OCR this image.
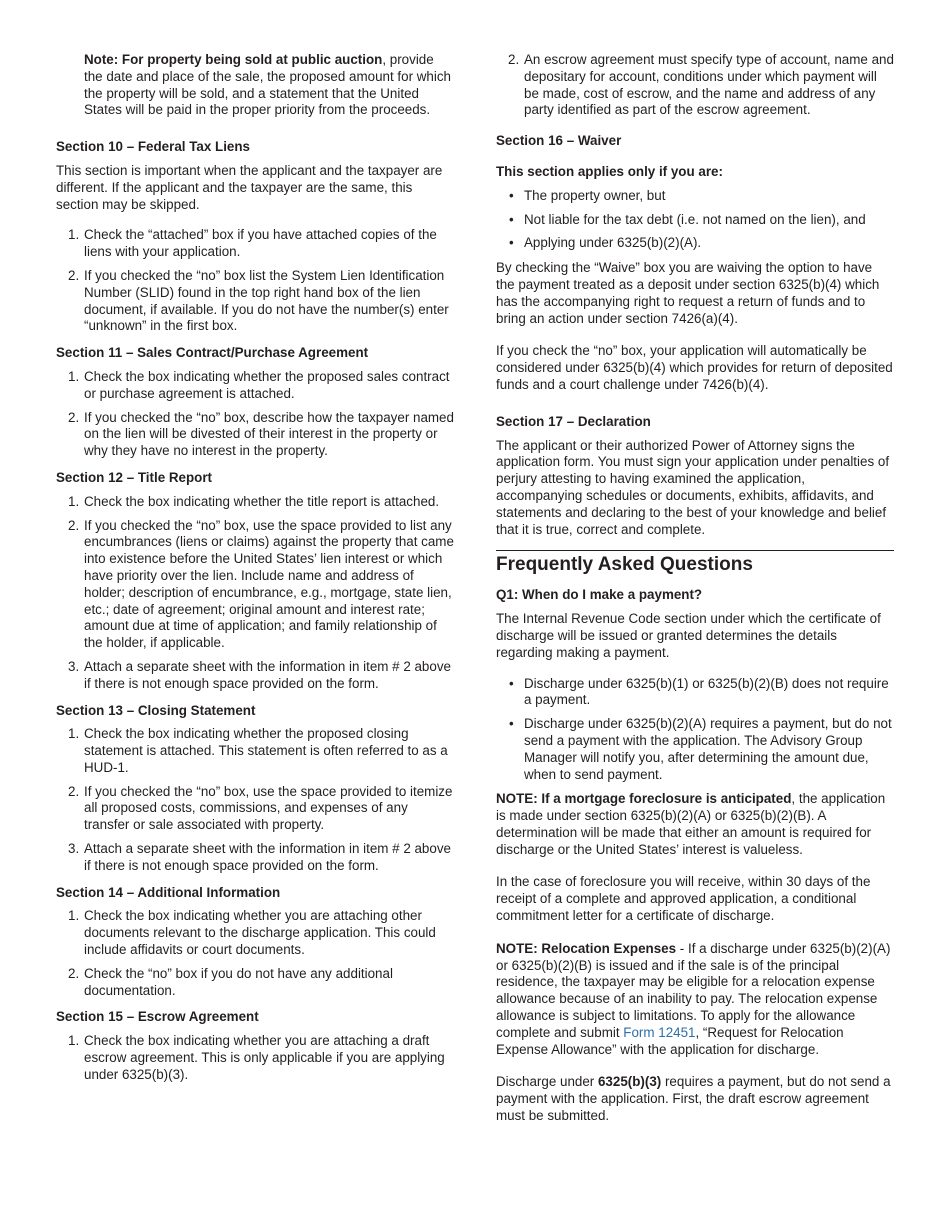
Note: For property being sold at public auction, provide the date and place of the sale, the proposed amount for which the property will be sold, and a statement that the United States will be paid in the proper priority from the proceeds.

Section 10 – Federal Tax Liens

This section is important when the applicant and the taxpayer are different. If the applicant and the taxpayer are the same, this section may be skipped.

1. Check the “attached” box if you have attached copies of the liens with your application.
2. If you checked the “no” box list the System Lien Identification Number (SLID) found in the top right hand box of the lien document, if available. If you do not have the number(s) enter “unknown” in the first box.

Section 11 – Sales Contract/Purchase Agreement

1. Check the box indicating whether the proposed sales contract or purchase agreement is attached.
2. If you checked the “no” box, describe how the taxpayer named on the lien will be divested of their interest in the property or why they have no interest in the property.

Section 12 – Title Report

1. Check the box indicating whether the title report is attached.
2. If you checked the “no” box, use the space provided to list any encumbrances (liens or claims) against the property that came into existence before the United States’ lien interest or which have priority over the lien. Include name and address of holder; description of encumbrance, e.g., mortgage, state lien, etc.; date of agreement; original amount and interest rate; amount due at time of application; and family relationship of the holder, if applicable.
3. Attach a separate sheet with the information in item # 2 above if there is not enough space provided on the form.

Section 13 – Closing Statement

1. Check the box indicating whether the proposed closing statement is attached. This statement is often referred to as a HUD-1.
2. If you checked the “no” box, use the space provided to itemize all proposed costs, commissions, and expenses of any transfer or sale associated with property.
3. Attach a separate sheet with the information in item # 2 above if there is not enough space provided on the form.

Section 14 – Additional Information

1. Check the box indicating whether you are attaching other documents relevant to the discharge application. This could include affidavits or court documents.
2. Check the “no” box if you do not have any additional documentation.

Section 15 – Escrow Agreement

1. Check the box indicating whether you are attaching a draft escrow agreement. This is only applicable if you are applying under 6325(b)(3).
2. An escrow agreement must specify type of account, name and depositary for account, conditions under which payment will be made, cost of escrow, and the name and address of any party identified as part of the escrow agreement.

Section 16 – Waiver

This section applies only if you are:

• The property owner, but
• Not liable for the tax debt (i.e. not named on the lien), and
• Applying under 6325(b)(2)(A).

By checking the “Waive” box you are waiving the option to have the payment treated as a deposit under section 6325(b)(4) which has the accompanying right to request a return of funds and to bring an action under section 7426(a)(4).

If you check the “no” box, your application will automatically be considered under 6325(b)(4) which provides for return of deposited funds and a court challenge under 7426(b)(4).

Section 17 – Declaration

The applicant or their authorized Power of Attorney signs the application form. You must sign your application under penalties of perjury attesting to having examined the application, accompanying schedules or documents, exhibits, affidavits, and statements and declaring to the best of your knowledge and belief that it is true, correct and complete.

Frequently Asked Questions

Q1: When do I make a payment?

The Internal Revenue Code section under which the certificate of discharge will be issued or granted determines the details regarding making a payment.

• Discharge under 6325(b)(1) or 6325(b)(2)(B) does not require a payment.
• Discharge under 6325(b)(2)(A) requires a payment, but do not send a payment with the application. The Advisory Group Manager will notify you, after determining the amount due, when to send payment.

NOTE: If a mortgage foreclosure is anticipated, the application is made under section 6325(b)(2)(A) or 6325(b)(2)(B). A determination will be made that either an amount is required for discharge or the United States’ interest is valueless.

In the case of foreclosure you will receive, within 30 days of the receipt of a complete and approved application, a conditional commitment letter for a certificate of discharge.

NOTE: Relocation Expenses - If a discharge under 6325(b)(2)(A) or 6325(b)(2)(B) is issued and if the sale is of the principal residence, the taxpayer may be eligible for a relocation expense allowance because of an inability to pay. The relocation expense allowance is subject to limitations. To apply for the allowance complete and submit Form 12451, “Request for Relocation Expense Allowance” with the application for discharge.

Discharge under 6325(b)(3) requires a payment, but do not send a payment with the application. First, the draft escrow agreement must be submitted.
